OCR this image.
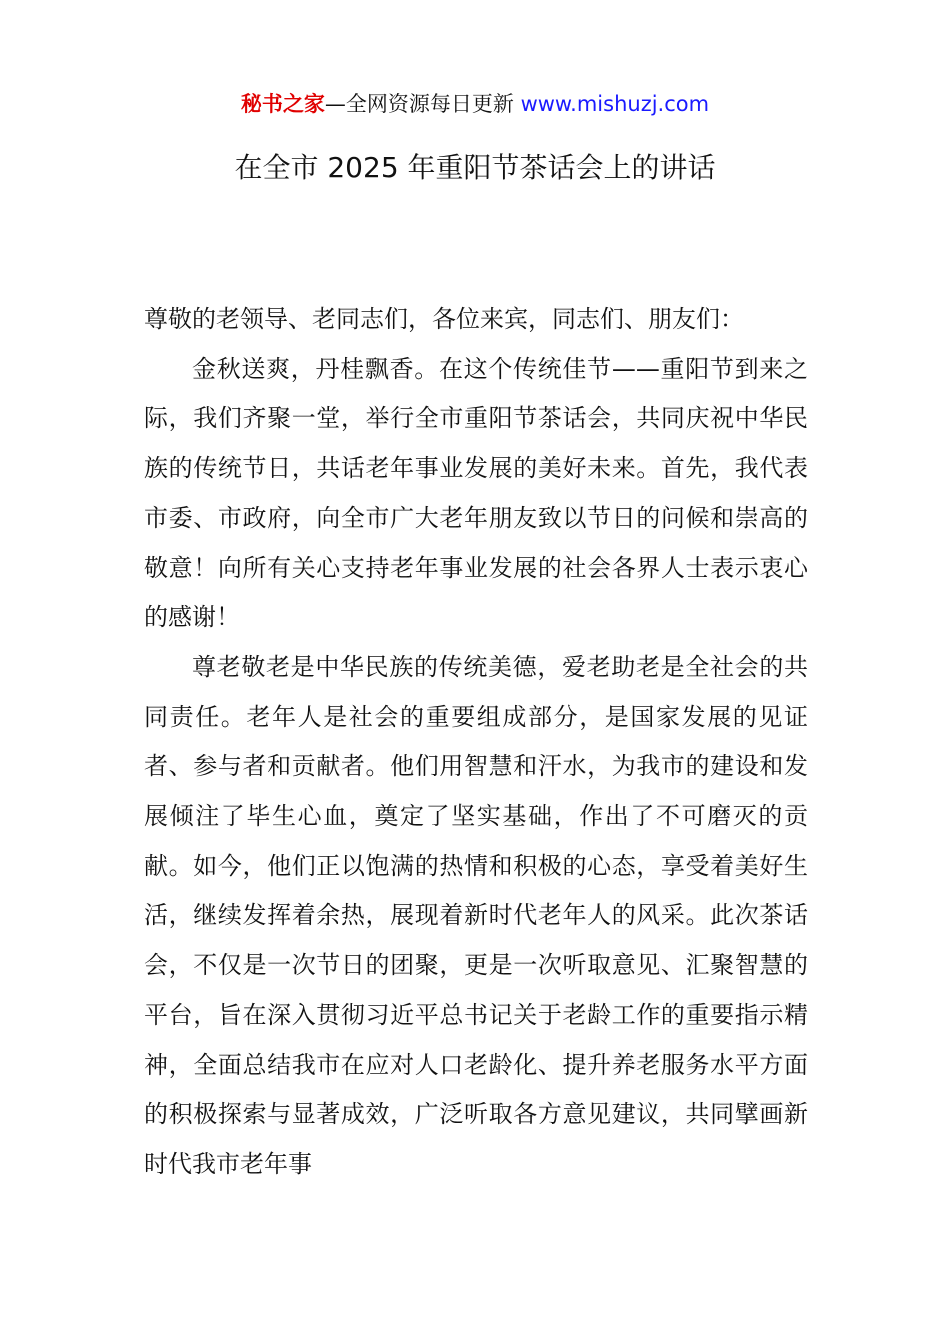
秘书之家—全网资源每日更新 www.mishuzj.com
在全市 2025 年重阳节茶话会上的讲话

尊敬的老领导、老同志们，各位来宾，同志们、朋友们：

金秋送爽，丹桂飘香。在这个传统佳节——重阳节到来之际，我们齐聚一堂，举行全市重阳节茶话会，共同庆祝中华民族的传统节日，共话老年事业发展的美好未来。首先，我代表市委、市政府，向全市广大老年朋友致以节日的问候和崇高的敬意！向所有关心支持老年事业发展的社会各界人士表示衷心的感谢！

尊老敬老是中华民族的传统美德，爱老助老是全社会的共同责任。老年人是社会的重要组成部分，是国家发展的见证者、参与者和贡献者。他们用智慧和汗水，为我市的建设和发展倾注了毕生心血，奠定了坚实基础，作出了不可磨灭的贡献。如今，他们正以饱满的热情和积极的心态，享受着美好生活，继续发挥着余热，展现着新时代老年人的风采。此次茶话会，不仅是一次节日的团聚，更是一次听取意见、汇聚智慧的平台，旨在深入贯彻习近平总书记关于老龄工作的重要指示精神，全面总结我市在应对人口老龄化、提升养老服务水平方面的积极探索与显著成效，广泛听取各方意见建议，共同擘画新时代我市老年事
